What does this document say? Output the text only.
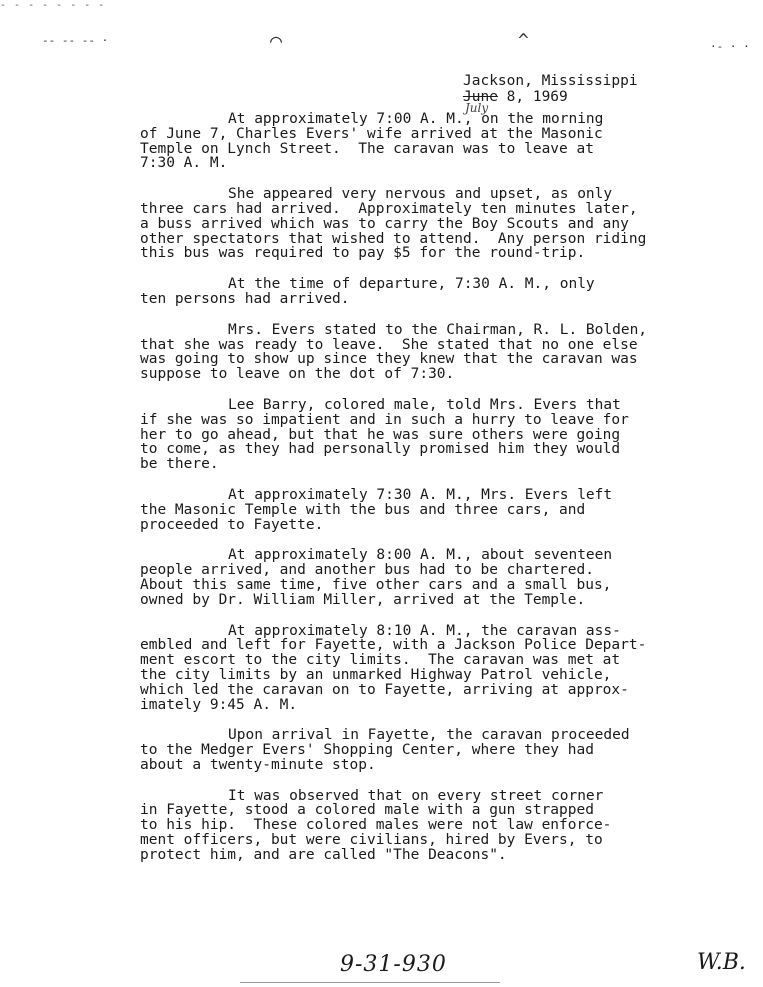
- - - - - - - -
-- -- -- ·	⌒	^	·- · ·
Jackson, Mississippi
June 8, 1969
July

At approximately 7:00 A. M., on the morning
of June 7, Charles Evers' wife arrived at the Masonic
Temple on Lynch Street.  The caravan was to leave at
7:30 A. M.

She appeared very nervous and upset, as only
three cars had arrived.  Approximately ten minutes later,
a buss arrived which was to carry the Boy Scouts and any
other spectators that wished to attend.  Any person riding
this bus was required to pay $5 for the round-trip.

At the time of departure, 7:30 A. M., only
ten persons had arrived.

Mrs. Evers stated to the Chairman, R. L. Bolden,
that she was ready to leave.  She stated that no one else
was going to show up since they knew that the caravan was
suppose to leave on the dot of 7:30.

Lee Barry, colored male, told Mrs. Evers that
if she was so impatient and in such a hurry to leave for
her to go ahead, but that he was sure others were going
to come, as they had personally promised him they would
be there.

At approximately 7:30 A. M., Mrs. Evers left
the Masonic Temple with the bus and three cars, and
proceeded to Fayette.

At approximately 8:00 A. M., about seventeen
people arrived, and another bus had to be chartered.
About this same time, five other cars and a small bus,
owned by Dr. William Miller, arrived at the Temple.

At approximately 8:10 A. M., the caravan ass-
embled and left for Fayette, with a Jackson Police Depart-
ment escort to the city limits.  The caravan was met at
the city limits by an unmarked Highway Patrol vehicle,
which led the caravan on to Fayette, arriving at approx-
imately 9:45 A. M.

Upon arrival in Fayette, the caravan proceeded
to the Medger Evers' Shopping Center, where they had
about a twenty-minute stop.

It was observed that on every street corner
in Fayette, stood a colored male with a gun strapped
to his hip.  These colored males were not law enforce-
ment officers, but were civilians, hired by Evers, to
protect him, and are called "The Deacons".

9-31-930	W.B.
